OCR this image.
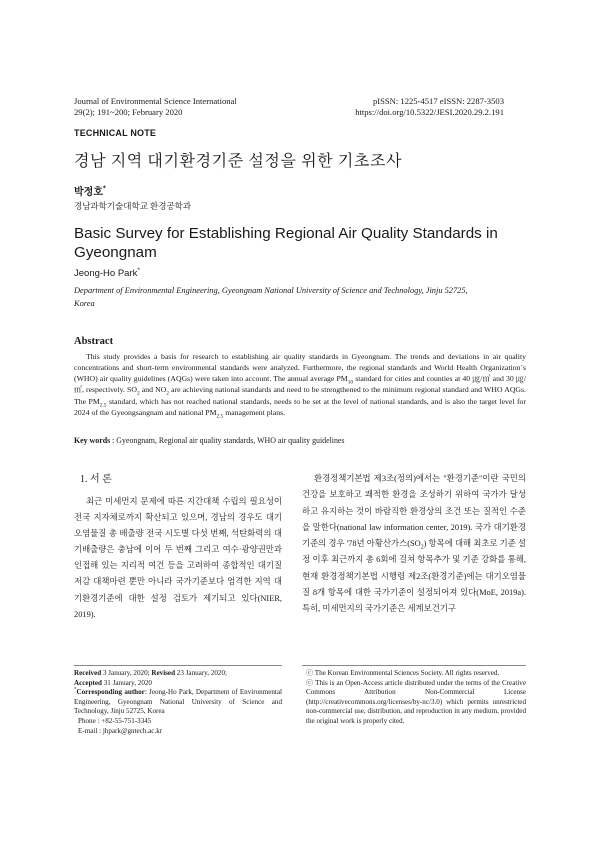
Journal of Environmental Science International
29(2); 191~200; February 2020
pISSN: 1225-4517 eISSN: 2287-3503
https://doi.org/10.5322/JESI.2020.29.2.191
TECHNICAL NOTE
경남 지역 대기환경기준 설정을 위한 기초조사
박정호*
경남과학기술대학교 환경공학과
Basic Survey for Establishing Regional Air Quality Standards in
Gyeongnam
Jeong-Ho Park*
Department of Environmental Engineering, Gyeongnam National University of Science and Technology, Jinju 52725,
Korea
Abstract
This study provides a basis for research to establishing air quality standards in Gyeongnam. The trends and deviations in air quality concentrations and short-term environmental standards were analyzed. Furthermore, the regional standards and World Health Organization`s (WHO) air quality guidelines (AQGs) were taken into account. The annual average $PM_{10}$ standard for cities and counties at 40 ㎍/㎥ and 30 ㎍/㎥, respectively. $SO_2$ and $NO_2$ are achieving national standards and need to be strengthened to the minimum regional standard and WHO AQGs. The $PM_{2.5}$ standard, which has not reached national standards, needs to be set at the level of national standards, and is also the target level for 2024 of the Gyeongsangnam and national $PM_{2.5}$ management plans.
Key words : Gyeongnam, Regional air quality standards, WHO air quality guidelines
1. 서 론
최근 미세먼지 문제에 따른 지간대책 수립의 필요성이 전국 지자체로까지 확산되고 있으며, 경남의 경우도 대기오염물질 총 배출량 전국 시도별 다섯 번째, 석탄화력의 대기배출량은 충남에 이어 두 번째 그리고 여수·광양권만과 인접해 있는 지리적 여건 등을 고려하여 종합적인 대기질 저감 대책마련 뿐만 아니라 국가기준보다 엄격한 지역 대기환경기준에 대한 설정 검토가 제기되고 있다(NIER, 2019).
환경정책기본법 제3조(정의)에서는 "환경기준"이란 국민의 건강을 보호하고 쾌적한 환경을 조성하기 위하여 국가가 달성하고 유지하는 것이 바람직한 환경상의 조건 또는 질적인 수준을 말한다(national law information center, 2019). 국가 대기환경기준의 경우 '78년 아황산가스$(SO_2)$ 항목에 대해 최초로 기준 설정 이후 최근까지 총 6회에 걸쳐 항목추가 및 기준 강화를 통해, 현재 환경정책기본법 시행령 제2조(환경기준)에는 대기오염물질 8개 항목에 대한 국가기준이 설정되어져 있다(MoE, 2019a). 특히, 미세먼지의 국가기준은 세계보건기구
Received 3 January, 2020; Revised 23 January, 2020;
Accepted 31 January, 2020
*Corresponding author: Jeong-Ho Park, Department of Environmental Engineering, Gyeongnam National University of Science and Technology, Jinju 52725, Korea
Phone : +82-55-751-3345
E-mail : jhpark@gntech.ac.kr
ⓒ The Korean Environmental Sciences Society. All rights reserved.
ⓒ This is an Open-Access article distributed under the terms of the Creative Commons Attribution Non-Commercial License (http://creativecommons.org/licenses/by-nc/3.0) which permits unrestricted non-commercial use, distribution, and reproduction in any medium, provided the original work is properly cited.
